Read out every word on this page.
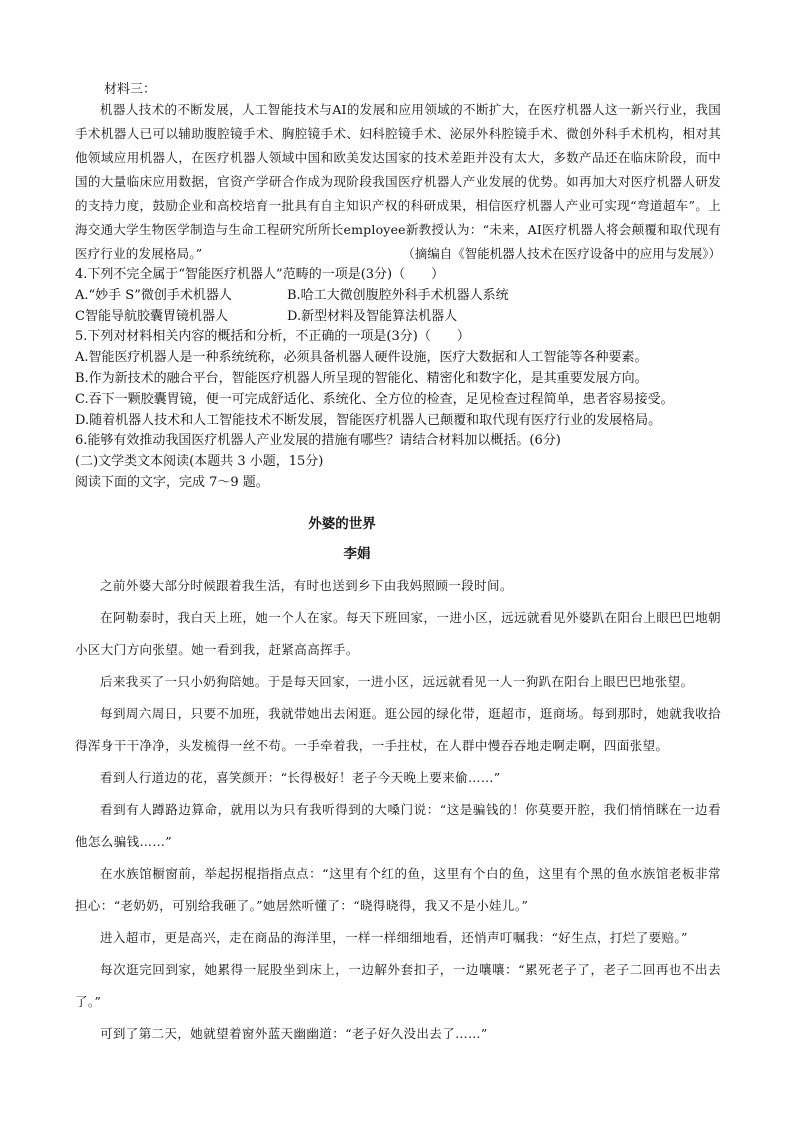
材料三：
机器人技术的不断发展，人工智能技术与AI的发展和应用领域的不断扩大，在医疗机器人这一新兴行业，我国手术机器人已可以辅助腹腔镜手术、胸腔镜手术、妇科腔镜手术、泌尿外科腔镜手术、微创外科手术机构，相对其他领域应用机器人，在医疗机器人领域中国和欧美发达国家的技术差距并没有太大，多数产品还在临床阶段，而中国的大量临床应用数据，官资产学研合作成为现阶段我国医疗机器人产业发展的优势。如再加大对医疗机器人研发的支持力度，鼓励企业和高校培育一批具有自主知识产权的科研成果，相信医疗机器人产业可实现“弯道超车”。上海交通大学生物医学制造与生命工程研究所所长employee新教授认为：“未来，AI医疗机器人将会颠覆和取代现有医疗行业的发展格局。”	（摘编自《智能机器人技术在医疗设备中的应用与发展》）
4.下列不完全属于“智能医疗机器人”范畴的一项是(3分)（　　）
A.“妙手 S”微创手术机器人	B.哈工大微创腹腔外科手术机器人系统
C智能导航胶囊胃镜机器人	D.新型材料及智能算法机器人
5.下列对材料相关内容的概括和分析，不正确的一项是(3分)（　　）
A.智能医疗机器人是一种系统统称，必须具备机器人硬件设施，医疗大数据和人工智能等各种要素。
B.作为新技术的融合平台，智能医疗机器人所呈现的智能化、精密化和数字化，是其重要发展方向。
C.吞下一颗胶囊胃镜，便一可完成舒适化、系统化、全方位的检查，足见检查过程简单，患者容易接受。
D.随着机器人技术和人工智能技术不断发展，智能医疗机器人已颠覆和取代现有医疗行业的发展格局。
6.能够有效推动我国医疗机器人产业发展的措施有哪些？请结合材料加以概括。(6分)
(二)文学类文本阅读(本题共 3 小题，15分)
阅读下面的文字，完成 7～9 题。
外婆的世界
李娟

之前外婆大部分时候跟着我生活，有时也送到乡下由我妈照顾一段时间。

在阿勒泰时，我白天上班，她一个人在家。每天下班回家，一进小区，远远就看见外婆趴在阳台上眼巴巴地朝小区大门方向张望。她一看到我，赶紧高高挥手。

后来我买了一只小奶狗陪她。于是每天回家，一进小区，远远就看见一人一狗趴在阳台上眼巴巴地张望。

每到周六周日，只要不加班，我就带她出去闲逛。逛公园的绿化带，逛超市，逛商场。每到那时，她就我收拾得浑身干干净净，头发梳得一丝不苟。一手牵着我，一手拄杖，在人群中慢吞吞地走啊走啊，四面张望。

看到人行道边的花，喜笑颜开：“长得极好！老子今天晚上要来偷……”

看到有人蹲路边算命，就用以为只有我听得到的大嗓门说：“这是骗钱的！你莫要开腔，我们悄悄眯在一边看他怎么骗钱……”

在水族馆橱窗前，举起拐棍指指点点：“这里有个红的鱼，这里有个白的鱼，这里有个黑的鱼水族馆老板非常担心：“老奶奶，可别给我砸了。”她居然听懂了：“晓得晓得，我又不是小娃儿。”

进入超市，更是高兴，走在商品的海洋里，一样一样细细地看，还悄声叮嘱我：“好生点，打烂了要赔。”

每次逛完回到家，她累得一屁股坐到床上，一边解外套扣子，一边嚷嚷：“累死老子了，老子二回再也不出去了。”

可到了第二天，她就望着窗外蓝天幽幽道：“老子好久没出去了……”
